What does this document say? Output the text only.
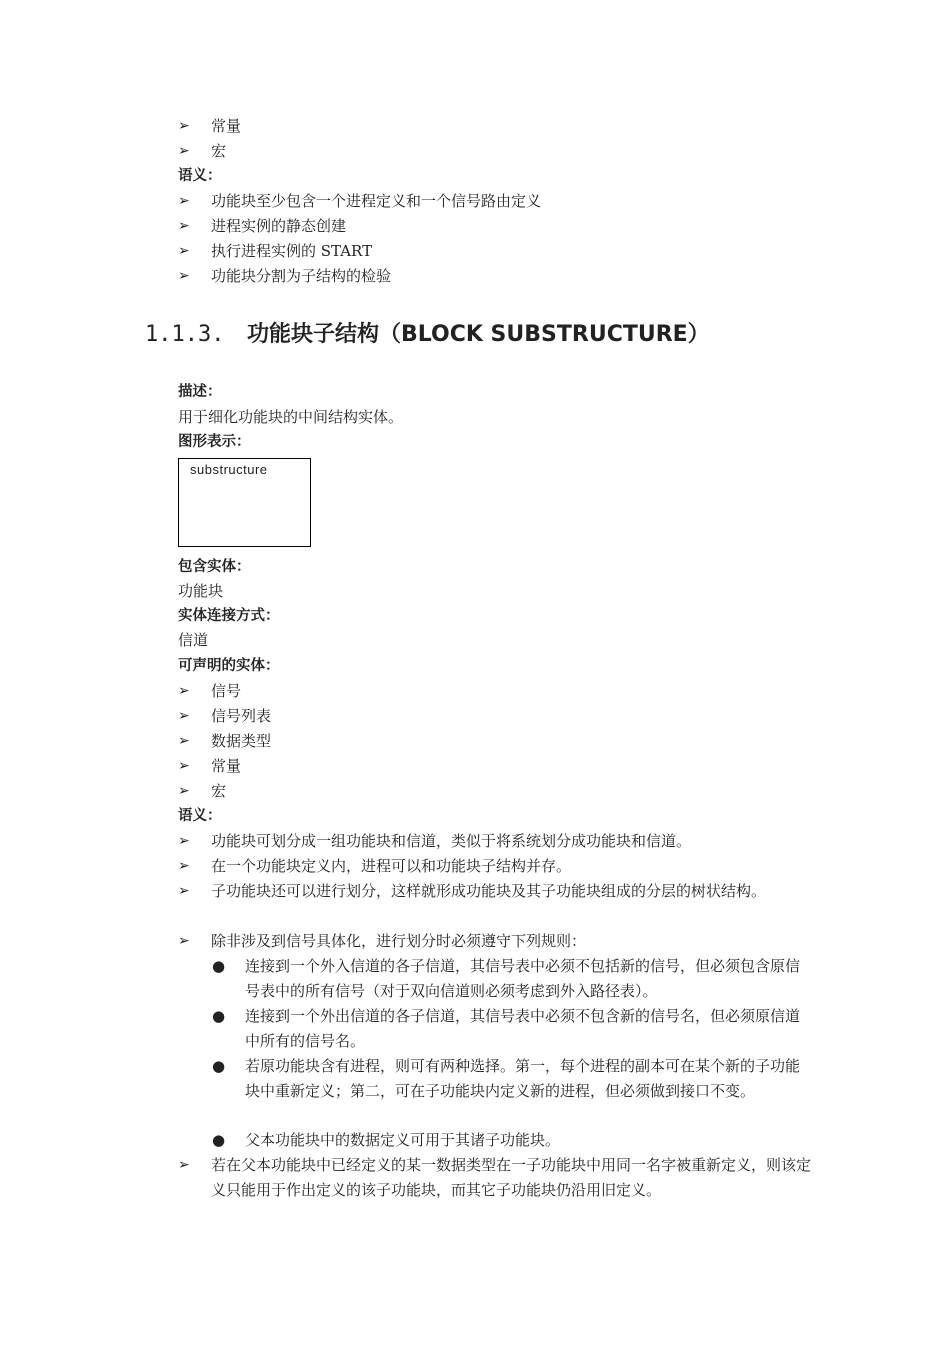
➢	常量
➢	宏
语义：
➢	功能块至少包含一个进程定义和一个信号路由定义
➢	进程实例的静态创建
➢	执行进程实例的 START
➢	功能块分割为子结构的检验
1.1.3. 功能块子结构（BLOCK SUBSTRUCTURE）
描述：
用于细化功能块的中间结构实体。
图形表示：
substructure
包含实体：
功能块
实体连接方式：
信道
可声明的实体：
➢	信号
➢	信号列表
➢	数据类型
➢	常量
➢	宏
语义：
➢	功能块可划分成一组功能块和信道，类似于将系统划分成功能块和信道。
➢	在一个功能块定义内，进程可以和功能块子结构并存。
➢	子功能块还可以进行划分，这样就形成功能块及其子功能块组成的分层的树状结构。
➢	除非涉及到信号具体化，进行划分时必须遵守下列规则：
●	连接到一个外入信道的各子信道，其信号表中必须不包括新的信号，但必须包含原信号表中的所有信号（对于双向信道则必须考虑到外入路径表）。
●	连接到一个外出信道的各子信道，其信号表中必须不包含新的信号名，但必须原信道中所有的信号名。
●	若原功能块含有进程，则可有两种选择。第一，每个进程的副本可在某个新的子功能块中重新定义；第二，可在子功能块内定义新的进程，但必须做到接口不变。
●	父本功能块中的数据定义可用于其诸子功能块。
➢	若在父本功能块中已经定义的某一数据类型在一子功能块中用同一名字被重新定义，则该定义只能用于作出定义的该子功能块，而其它子功能块仍沿用旧定义。
